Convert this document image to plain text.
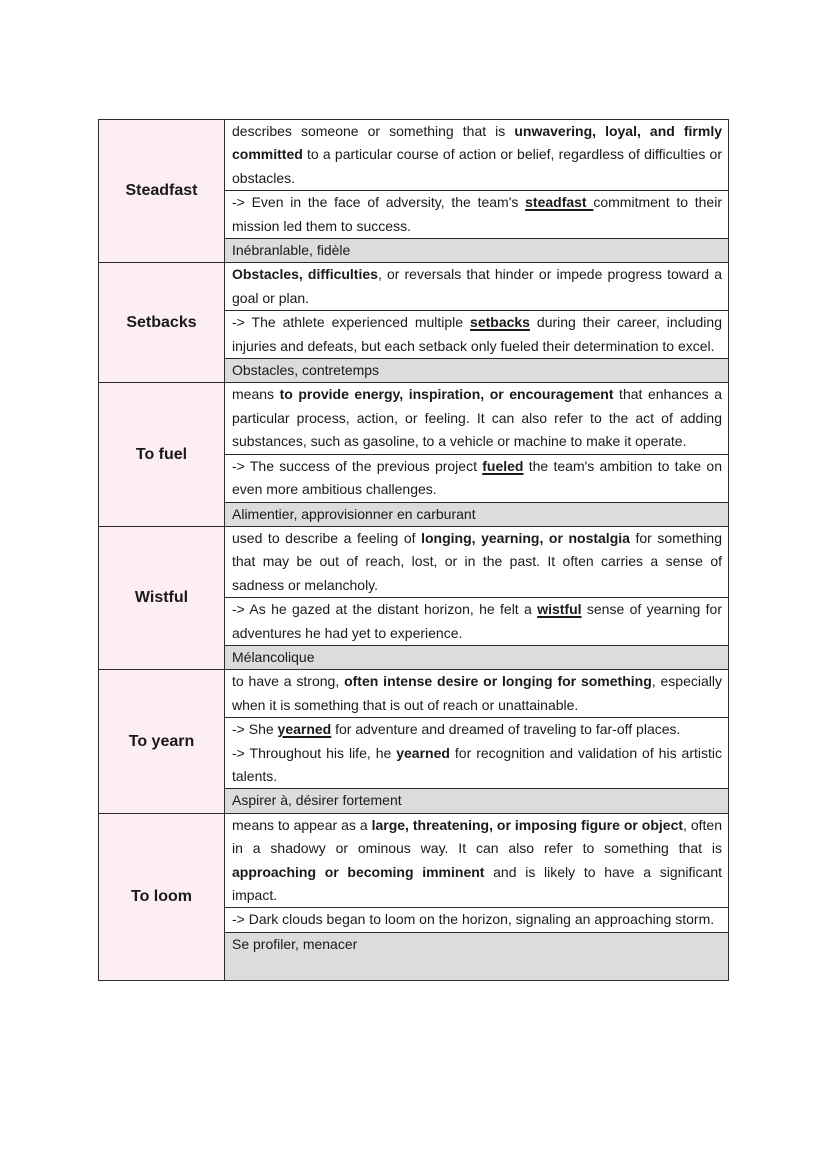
Steadfast	describes someone or something that is unwavering, loyal, and firmly committed to a particular course of action or belief, regardless of difficulties or obstacles.

	-> Even in the face of adversity, the team's steadfast commitment to their mission led them to success.

	Inébranlable, fidèle

Setbacks	Obstacles, difficulties, or reversals that hinder or impede progress toward a goal or plan.

	-> The athlete experienced multiple setbacks during their career, including injuries and defeats, but each setback only fueled their determination to excel.

	Obstacles, contretemps

To fuel	means to provide energy, inspiration, or encouragement that enhances a particular process, action, or feeling. It can also refer to the act of adding substances, such as gasoline, to a vehicle or machine to make it operate.

	-> The success of the previous project fueled the team's ambition to take on even more ambitious challenges.

	Alimentier, approvisionner en carburant

Wistful	used to describe a feeling of longing, yearning, or nostalgia for something that may be out of reach, lost, or in the past. It often carries a sense of sadness or melancholy.

	-> As he gazed at the distant horizon, he felt a wistful sense of yearning for adventures he had yet to experience.

	Mélancolique

To yearn	to have a strong, often intense desire or longing for something, especially when it is something that is out of reach or unattainable.

	-> She yearned for adventure and dreamed of traveling to far-off places.
-> Throughout his life, he yearned for recognition and validation of his artistic talents.

	Aspirer à, désirer fortement

To loom	means to appear as a large, threatening, or imposing figure or object, often in a shadowy or ominous way. It can also refer to something that is approaching or becoming imminent and is likely to have a significant impact.

	-> Dark clouds began to loom on the horizon, signaling an approaching storm.

	Se profiler, menacer
